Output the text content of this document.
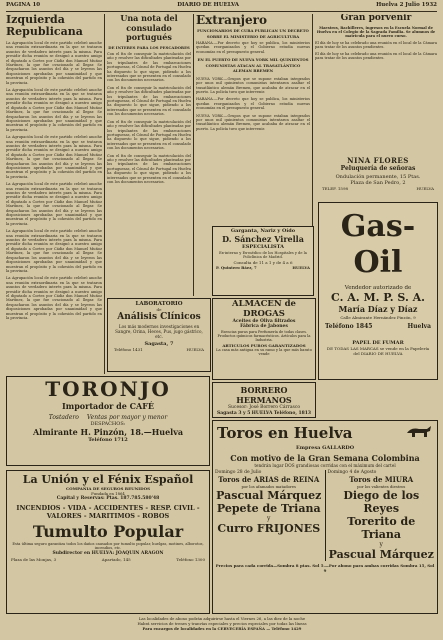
PAGINA 10	DIARIO DE HUELVA	Huelva 2 Julio 1932
Izquierda Republicana
La Agrupación local de este partido celebró anoche una reunión extraordinaria en la que se trataron asuntos de verdadero interés para la misma. Para presidir dicha reunión se designó a nuestro amigo el diputado a Cortes por Cádiz don Manuel Muñoz Martínez, la que fue ovacionado al llegar. Se despacharon los asuntos del día y se leyeron las disposiciones aprobadas por unanimidad y que muestran el propósito y la cohesión del partido en la provincia.
La Agrupación local de este partido celebró anoche una reunión extraordinaria en la que se trataron asuntos de verdadero interés para la misma. Para presidir dicha reunión se designó a nuestro amigo el diputado a Cortes por Cádiz don Manuel Muñoz Martínez, la que fue ovacionado al llegar. Se despacharon los asuntos del día y se leyeron las disposiciones aprobadas por unanimidad y que muestran el propósito y la cohesión del partido en la provincia.
La Agrupación local de este partido celebró anoche una reunión extraordinaria en la que se trataron asuntos de verdadero interés para la misma. Para presidir dicha reunión se designó a nuestro amigo el diputado a Cortes por Cádiz don Manuel Muñoz Martínez, la que fue ovacionado al llegar. Se despacharon los asuntos del día y se leyeron las disposiciones aprobadas por unanimidad y que muestran el propósito y la cohesión del partido en la provincia.
La Agrupación local de este partido celebró anoche una reunión extraordinaria en la que se trataron asuntos de verdadero interés para la misma. Para presidir dicha reunión se designó a nuestro amigo el diputado a Cortes por Cádiz don Manuel Muñoz Martínez, la que fue ovacionado al llegar. Se despacharon los asuntos del día y se leyeron las disposiciones aprobadas por unanimidad y que muestran el propósito y la cohesión del partido en la provincia.
La Agrupación local de este partido celebró anoche una reunión extraordinaria en la que se trataron asuntos de verdadero interés para la misma. Para presidir dicha reunión se designó a nuestro amigo el diputado a Cortes por Cádiz don Manuel Muñoz Martínez, la que fue ovacionado al llegar. Se despacharon los asuntos del día y se leyeron las disposiciones aprobadas por unanimidad y que muestran el propósito y la cohesión del partido en la provincia.
La Agrupación local de este partido celebró anoche una reunión extraordinaria en la que se trataron asuntos de verdadero interés para la misma. Para presidir dicha reunión se designó a nuestro amigo el diputado a Cortes por Cádiz don Manuel Muñoz Martínez, la que fue ovacionado al llegar. Se despacharon los asuntos del día y se leyeron las disposiciones aprobadas por unanimidad y que muestran el propósito y la cohesión del partido en la provincia.
Una nota del consulado portugués
DE INTERES PARA LOS PESCADORES
Con el fin de conseguir la matriculación del año y resolver las dificultades planteadas por los tripulantes de las embarcaciones portuguesas, el Cónsul de Portugal en Huelva ha dispuesto lo que sigue, pidiendo a los interesados que se presenten en el consulado con los documentos necesarios.
Con el fin de conseguir la matriculación del año y resolver las dificultades planteadas por los tripulantes de las embarcaciones portuguesas, el Cónsul de Portugal en Huelva ha dispuesto lo que sigue, pidiendo a los interesados que se presenten en el consulado con los documentos necesarios.
Con el fin de conseguir la matriculación del año y resolver las dificultades planteadas por los tripulantes de las embarcaciones portuguesas, el Cónsul de Portugal en Huelva ha dispuesto lo que sigue, pidiendo a los interesados que se presenten en el consulado con los documentos necesarios.
Con el fin de conseguir la matriculación del año y resolver las dificultades planteadas por los tripulantes de las embarcaciones portuguesas, el Cónsul de Portugal en Huelva ha dispuesto lo que sigue, pidiendo a los interesados que se presenten en el consulado con los documentos necesarios.
Extranjero
FUNCIONARIOS DE CUBA PUBLICAN UN DECRETO SOBRE EL MINISTERIO DE AGRICULTURA
HABANA.—Por decreto que hoy se publica, los ministerios quedan reorganizados y el Gobierno estudia nuevas economías en el presupuesto general.
EN EL PUERTO DE NUEVA YORK MIL QUINIENTOS COMUNISTAS ATACAN AL TRASATLÁNTICO ALEMAN BREMEN
NUEVA YORK.—Grupos que se supone estaban integrados por unos mil quinientos comunistas intentaron asaltar el trasatlántico alemán Bremen, que acababa de atracar en el puerto. La policía tuvo que intervenir.
HABANA.—Por decreto que hoy se publica, los ministerios quedan reorganizados y el Gobierno estudia nuevas economías en el presupuesto general.
NUEVA YORK.—Grupos que se supone estaban integrados por unos mil quinientos comunistas intentaron asaltar el trasatlántico alemán Bremen, que acababa de atracar en el puerto. La policía tuvo que intervenir.
Gran porvenir
Maestros, Bachilleres, ingresos en la Escuela Normal de Huelva en el Colegio de la Sagrada Familia. Se alumnos de matrícula para el nuevo curso.
El día de hoy se ha celebrado una reunión en el local de la Cámara para tratar de los asuntos pendientes.
El día de hoy se ha celebrado una reunión en el local de la Cámara para tratar de los asuntos pendientes.
NINA FLORES
Peluquería de señoras
Ondulación permanente, 15 Ptas.
Plaza de San Pedro, 2
TELEF. 1598	HUELVA
Garganta, Nariz y Oído
D. Sánchez Virella
ESPECIALISTA
Ex-interno y Ex-médico de los Hospitales y de la Policlínica de Madrid.
Consulta de 11 a 1 y de 4 a 6
P. Quintero Báez, 7	HUELVA
Gas-Oil
Vendedor autorizado de
C. A. M. P. S. A.
María Díaz y Díaz
Calle Almirante Hernández Pinzón, 9
Teléfono 1845	Huelva
PAPEL DE FUMAR
DE TODAS LAS MARCAS se vende en la Papelería del DIARIO DE HUELVA
LABORATORIO
de
Análisis Clínicos
Los más modernos investigaciones en Sangre, Orina, Heces, Pus, jugo gástrico, etc.
Sagasta, 7
Teléfono 1431	HUELVA
ALMACEN de DROGAS
Aceites de Oliva filtrados
Fábrica de Jabones
Esencias puras para Perfumería de todas clases. Productos químicos farmacéuticos. Artículos para la Industria.
ARTICULOS PUROS GARANTIZADOS
La casa más antigua en su ramo y la que más barato vende
TORONJO
Importador de CAFÉ
Tostadero Ventas por mayor y menor
DESPACHOS:
Almirante H. Pinzón, 18.—Huelva
Teléfono 1712
BORRERO HERMANOS
Sucesor: José Borrero Cárrasco
Sagasta 3 y 5 HUELVA Teléfono, 1813
La Unión y el Fénix Español
COMPAÑIA DE SEGUROS REUNIDOS
Fundada en 1864
Capital y Reservas: Ptas. 187.785.580'48
INCENDIOS - VIDA - ACCIDENTES - RESP. CIVIL - VALORES - MARITIMOS - ROBOS
Tumulto Popular
Esta última seguro garantiza todos los daños causados por tumulto popular, huelgas, motines, alborotos, incendios, etc.
Subdirector en HUELVA: JOAQUIN ARAGON
Plaza de las Monjas, 3	Apartado, 145	Teléfono 1300
Toros en Huelva
Empresa GALLARDO
Con motivo de la Gran Semana Colombina
tendrán lugar DOS grandiosas corridas con el máximum del cartel
Domingo 28 de Julio
Toros de ARIAS de REINA
por los afamados matadores
Pascual Márquez
Pepete de Triana
y
Curro FRIJONES
Domingo 4 de Agosto
Toros de MIURA
por los valientes diestros
Diego de los Reyes
Torerito de Triana
y
Pascual Márquez
Precios para cada corrida—Sombra 8 ptas. Sol 5.—Por abono para ambas corridas Sombra 15, Sol 9
Las localidades de abono podrán adquirirse hasta el Viernes 26, a las diez de la noche
Habrá servicios de trenes y tranvías especiales y precios especiales por todas las líneas
Para encargos de localidades en la CERVECERÍA ESPAÑA — Teléfono 1429
